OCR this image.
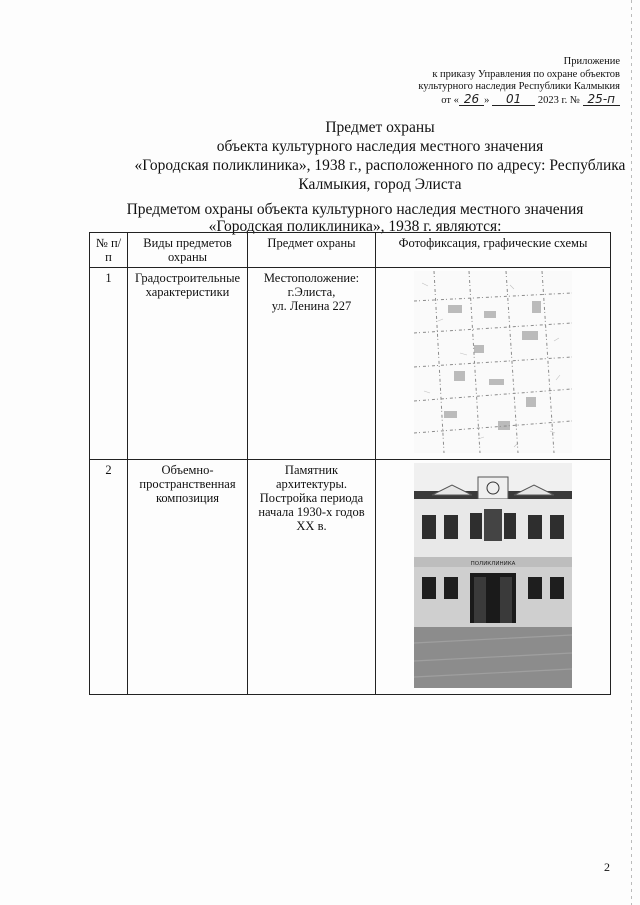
Приложение
к приказу Управления по охране объектов
культурного наследия Республики Калмыкия
от « 26 » 01 2023 г. № 25-п
Предмет охраны
объекта культурного наследия местного значения
«Городская поликлиника», 1938 г., расположенного по адресу: Республика
Калмыкия, город Элиста
Предметом охраны объекта культурного наследия местного значения
«Городская поликлиника», 1938 г. являются:
№ п/п	Виды предметов охраны	Предмет охраны	Фотофиксация, графические схемы
1	Градостроительные характеристики	Местоположение:
г.Элиста,
ул. Ленина 227

2	Объемно-пространственная композиция	Памятник архитектуры. Постройка периода начала 1930-х годов ХХ в.	ПОЛИКЛИНИКА
2
